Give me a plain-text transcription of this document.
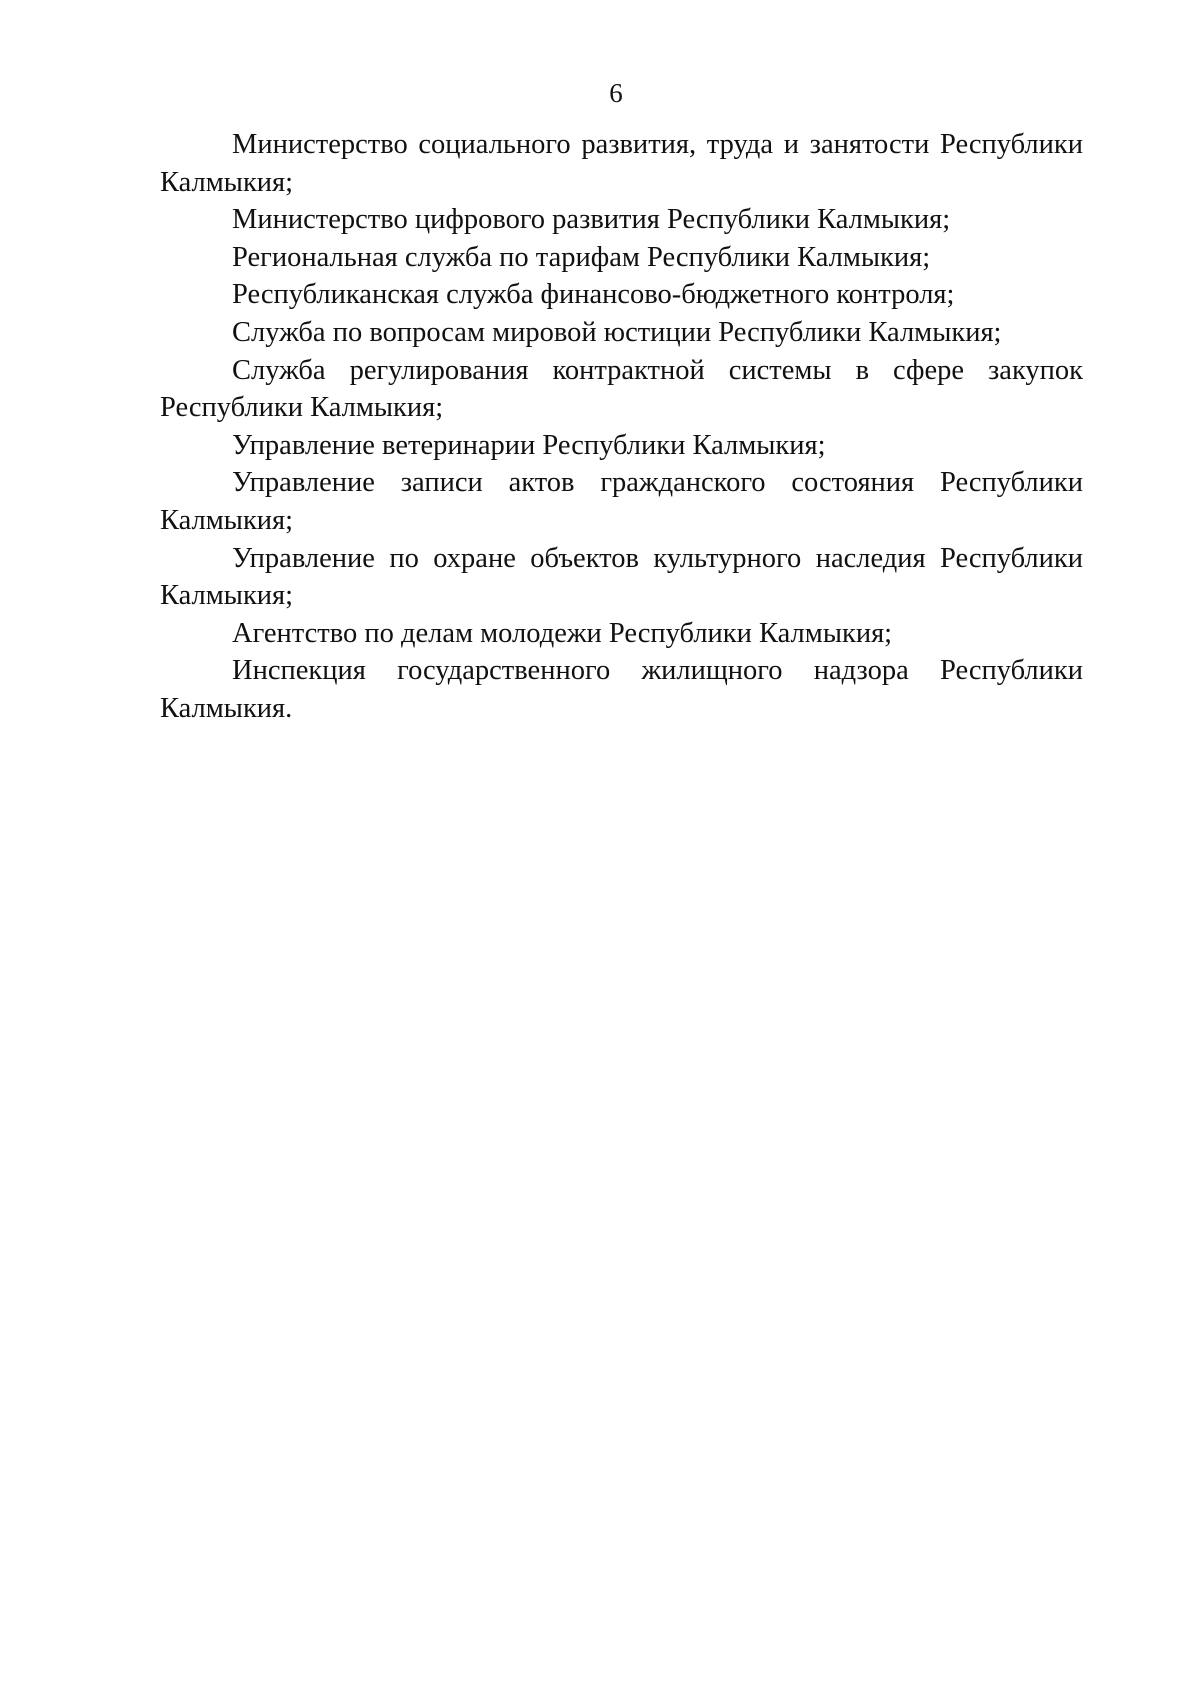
6

Министерство социального развития, труда и занятости Республики Калмыкия;

Министерство цифрового развития Республики Калмыкия;

Региональная служба по тарифам Республики Калмыкия;

Республиканская служба финансово-бюджетного контроля;

Служба по вопросам мировой юстиции Республики Калмыкия;

Служба регулирования контрактной системы в сфере закупок Республики Калмыкия;

Управление ветеринарии Республики Калмыкия;

Управление записи актов гражданского состояния Республики Калмыкия;

Управление по охране объектов культурного наследия Республики Калмыкия;

Агентство по делам молодежи Республики Калмыкия;

Инспекция государственного жилищного надзора Республики Калмыкия.
